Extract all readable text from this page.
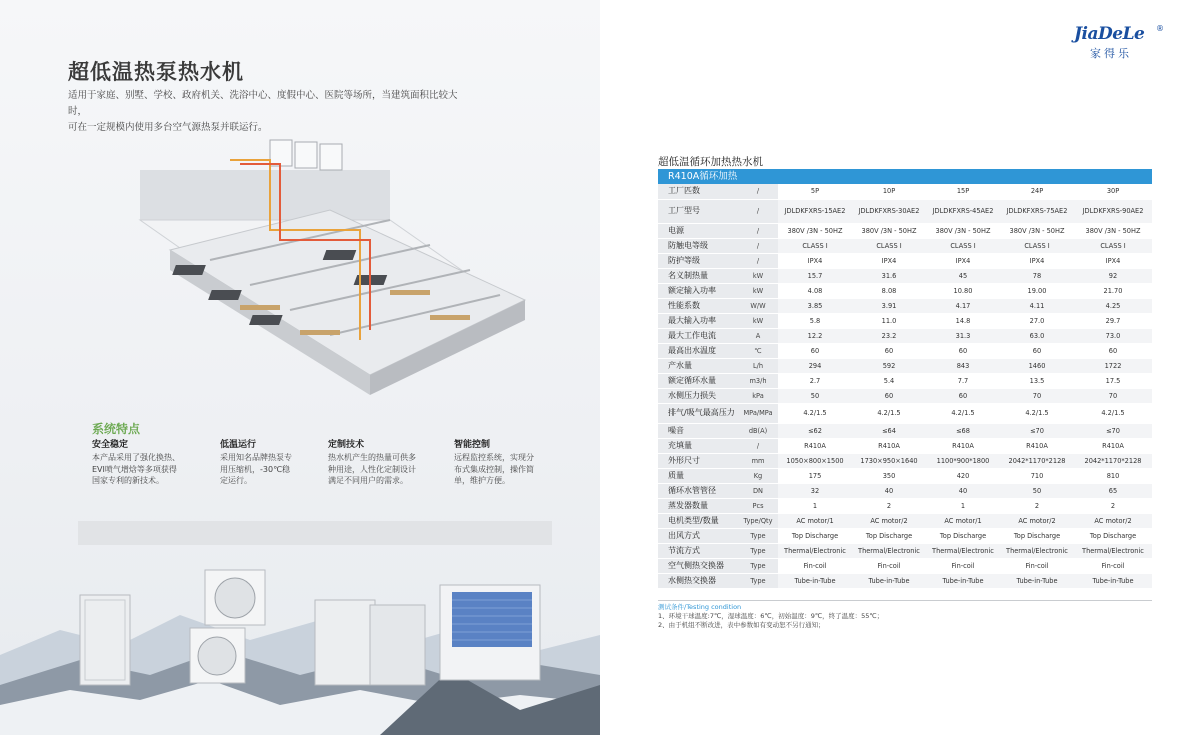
超低温热泵热水机
适用于家庭、别墅、学校、政府机关、洗浴中心、度假中心、医院等场所，当建筑面积比较大时，
可在一定规模内使用多台空气源热泵并联运行。
系统特点
安全稳定
本产品采用了强化换热、
EVI喷气增焓等多项获得
国家专利的新技术。
低温运行
采用知名品牌热泵专
用压缩机，-30℃稳
定运行。
定制技术
热水机产生的热量可供多
种用途，人性化定制设计
满足不同用户的需求。
智能控制
远程监控系统，实现分
布式集成控制，操作简
单，维护方便。
JiaDeLe
家得乐
®
超低温循环加热热水机
R410A循环加热
工厂匹数	/	5P	10P	15P	24P	30P
工厂型号	/	JDLDKFXRS-15AE2	JDLDKFXRS-30AE2	JDLDKFXRS-45AE2	JDLDKFXRS-75AE2	JDLDKFXRS-90AE2
电源	/	380V /3N - 50HZ	380V /3N - 50HZ	380V /3N - 50HZ	380V /3N - 50HZ	380V /3N - 50HZ
防触电等级	/	CLASS I	CLASS I	CLASS I	CLASS I	CLASS I
防护等级	/	IPX4	IPX4	IPX4	IPX4	IPX4
名义制热量	kW	15.7	31.6	45	78	92
额定输入功率	kW	4.08	8.08	10.80	19.00	21.70
性能系数	W/W	3.85	3.91	4.17	4.11	4.25
最大输入功率	kW	5.8	11.0	14.8	27.0	29.7
最大工作电流	A	12.2	23.2	31.3	63.0	73.0
最高出水温度	℃	60	60	60	60	60
产水量	L/h	294	592	843	1460	1722
额定循环水量	m3/h	2.7	5.4	7.7	13.5	17.5
水侧压力损失	kPa	50	60	60	70	70
排气/吸气最高压力	MPa/MPa	4.2/1.5	4.2/1.5	4.2/1.5	4.2/1.5	4.2/1.5
噪音	dB(A)	≤62	≤64	≤68	≤70	≤70
充填量	/	R410A	R410A	R410A	R410A	R410A
外形尺寸	mm	1050×800×1500	1730×950×1640	1100*900*1800	2042*1170*2128	2042*1170*2128
质量	Kg	175	350	420	710	810
循环水管管径	DN	32	40	40	50	65
蒸发器数量	Pcs	1	2	1	2	2
电机类型/数量	Type/Qty	AC motor/1	AC motor/2	AC motor/1	AC motor/2	AC motor/2
出风方式	Type	Top Discharge	Top Discharge	Top Discharge	Top Discharge	Top Discharge
节流方式	Type	Thermal/Electronic	Thermal/Electronic	Thermal/Electronic	Thermal/Electronic	Thermal/Electronic
空气侧热交换器	Type	Fin-coil	Fin-coil	Fin-coil	Fin-coil	Fin-coil
水侧热交换器	Type	Tube-in-Tube	Tube-in-Tube	Tube-in-Tube	Tube-in-Tube	Tube-in-Tube
测试条件/Testing condition
1、环境干球温度:7℃，湿球温度：6℃，初始温度：9℃，终了温度：55℃；
2、由于机组不断改进，表中参数如有变动恕不另行通知；
